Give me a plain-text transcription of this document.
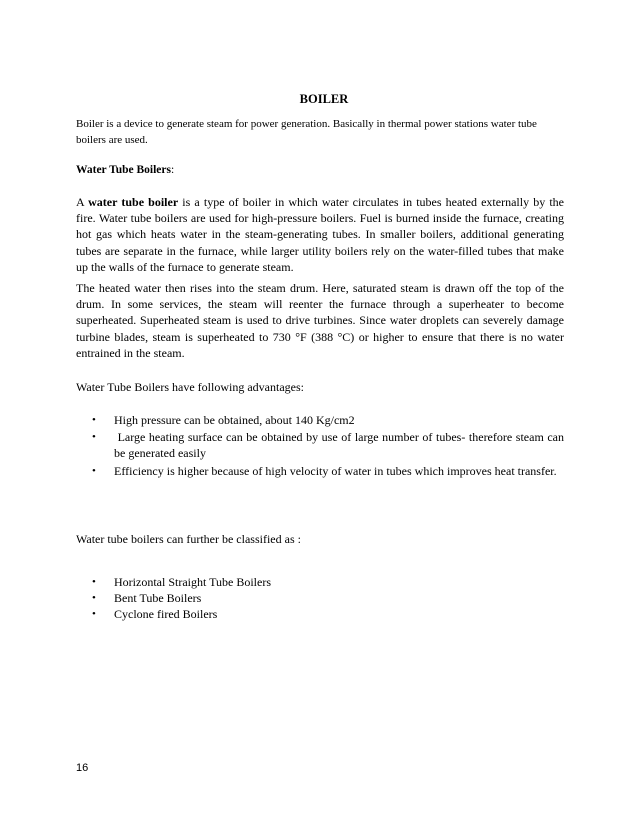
BOILER

Boiler is a device to generate steam for power generation. Basically in thermal power stations water tube boilers are used.

Water Tube Boilers:

A water tube boiler is a type of boiler in which water circulates in tubes heated externally by the fire. Water tube boilers are used for high-pressure boilers. Fuel is burned inside the furnace, creating hot gas which heats water in the steam-generating tubes. In smaller boilers, additional generating tubes are separate in the furnace, while larger utility boilers rely on the water-filled tubes that make up the walls of the furnace to generate steam.

The heated water then rises into the steam drum. Here, saturated steam is drawn off the top of the drum. In some services, the steam will reenter the furnace through a superheater to become superheated. Superheated steam is used to drive turbines. Since water droplets can severely damage turbine blades, steam is superheated to 730 °F (388 °C) or higher to ensure that there is no water entrained in the steam.

Water Tube Boilers have following advantages:

• High pressure can be obtained, about 140 Kg/cm2
• Large heating surface can be obtained by use of large number of tubes- therefore steam can be generated easily
• Efficiency is higher because of high velocity of water in tubes which improves heat transfer.

Water tube boilers can further be classified as :

• Horizontal Straight Tube Boilers
• Bent Tube Boilers
• Cyclone fired Boilers
16
